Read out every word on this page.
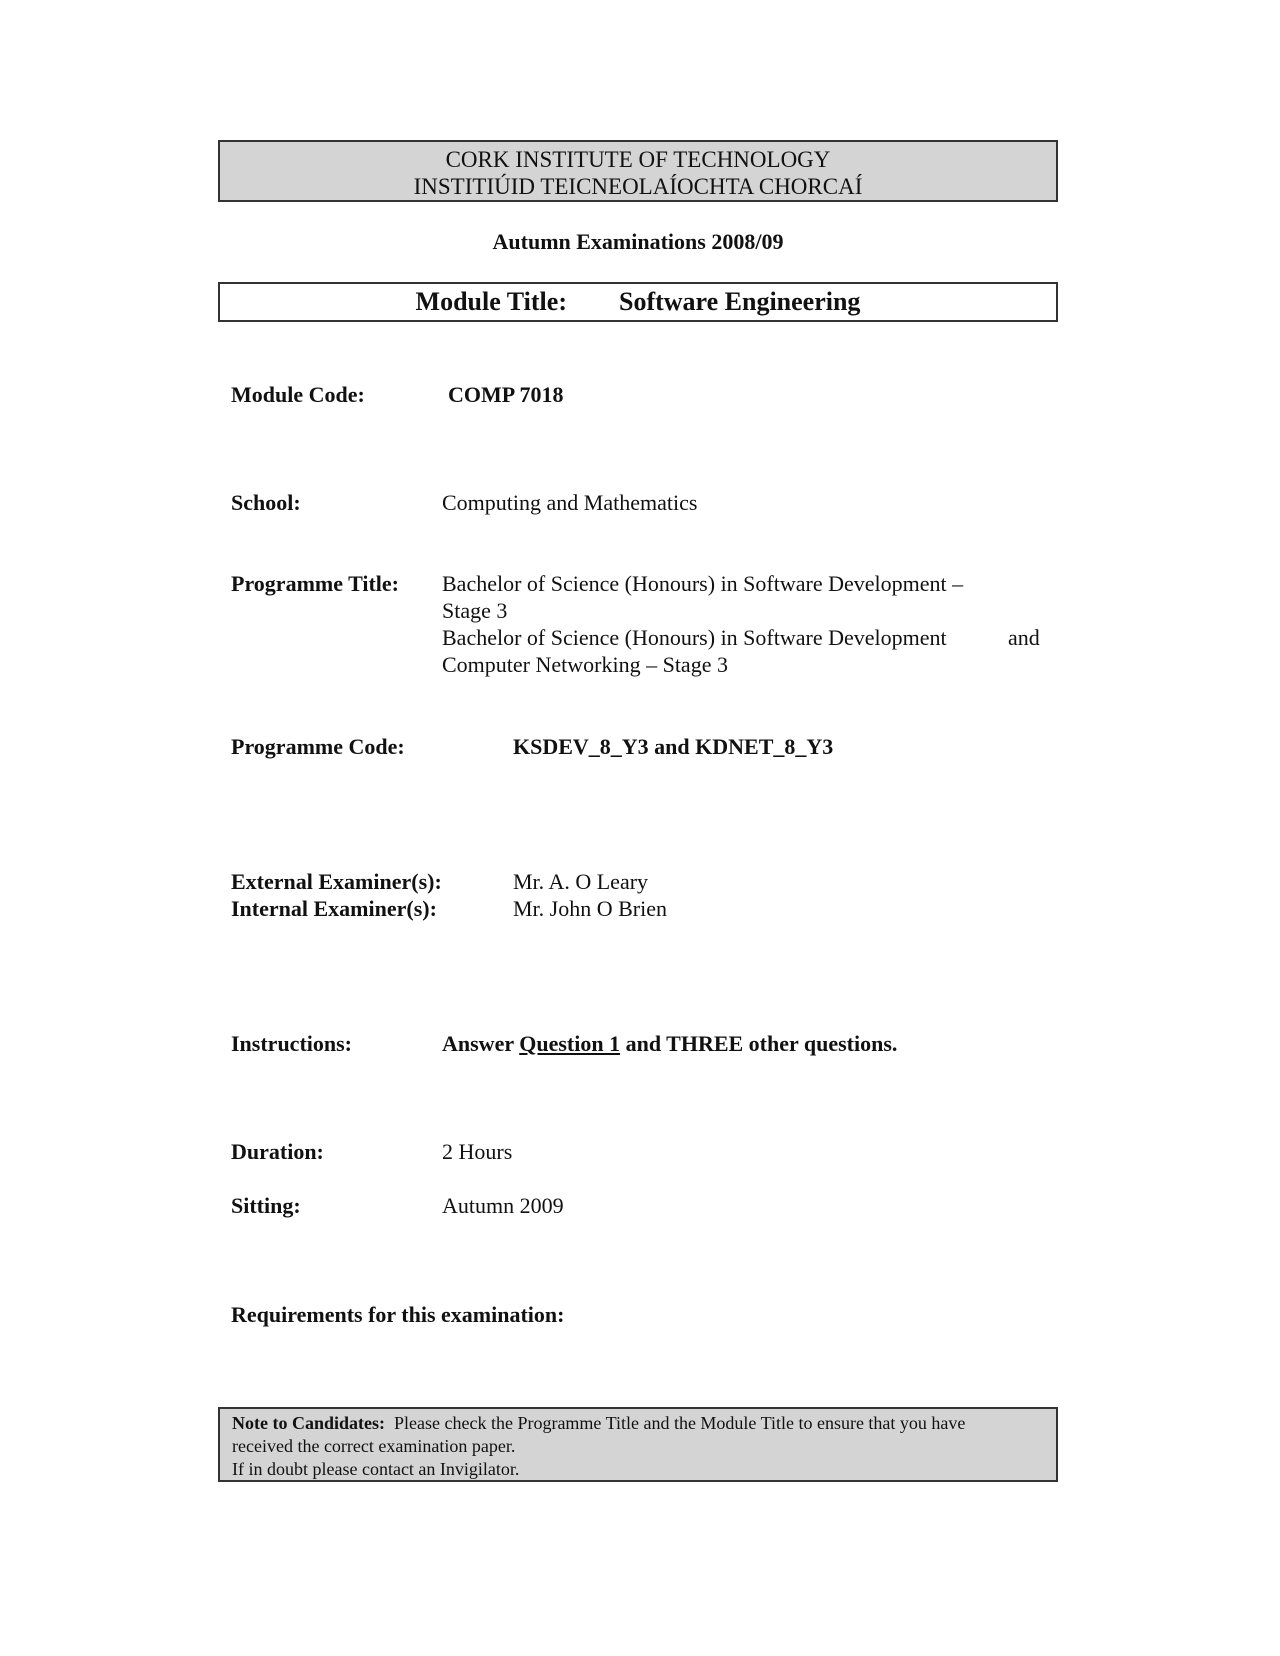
CORK INSTITUTE OF TECHNOLOGY
INSTITIÚID TEICNEOLAÍOCHTA CHORCAÍ
Autumn Examinations 2008/09
Module Title: Software Engineering
Module Code:	COMP 7018
School:	Computing and Mathematics
Programme Title: Bachelor of Science (Honours) in Software Development –
Stage 3
Bachelor of Science (Honours) in Software Development	and
Computer Networking – Stage 3
Programme Code:	KSDEV_8_Y3 and KDNET_8_Y3
External Examiner(s):	Mr. A. O Leary
Internal Examiner(s):	Mr. John O Brien
Instructions:	Answer Question 1 and THREE other questions.
Duration:	2 Hours
Sitting:	Autumn 2009
Requirements for this examination:
Note to Candidates: Please check the Programme Title and the Module Title to ensure that you have
received the correct examination paper.
If in doubt please contact an Invigilator.
